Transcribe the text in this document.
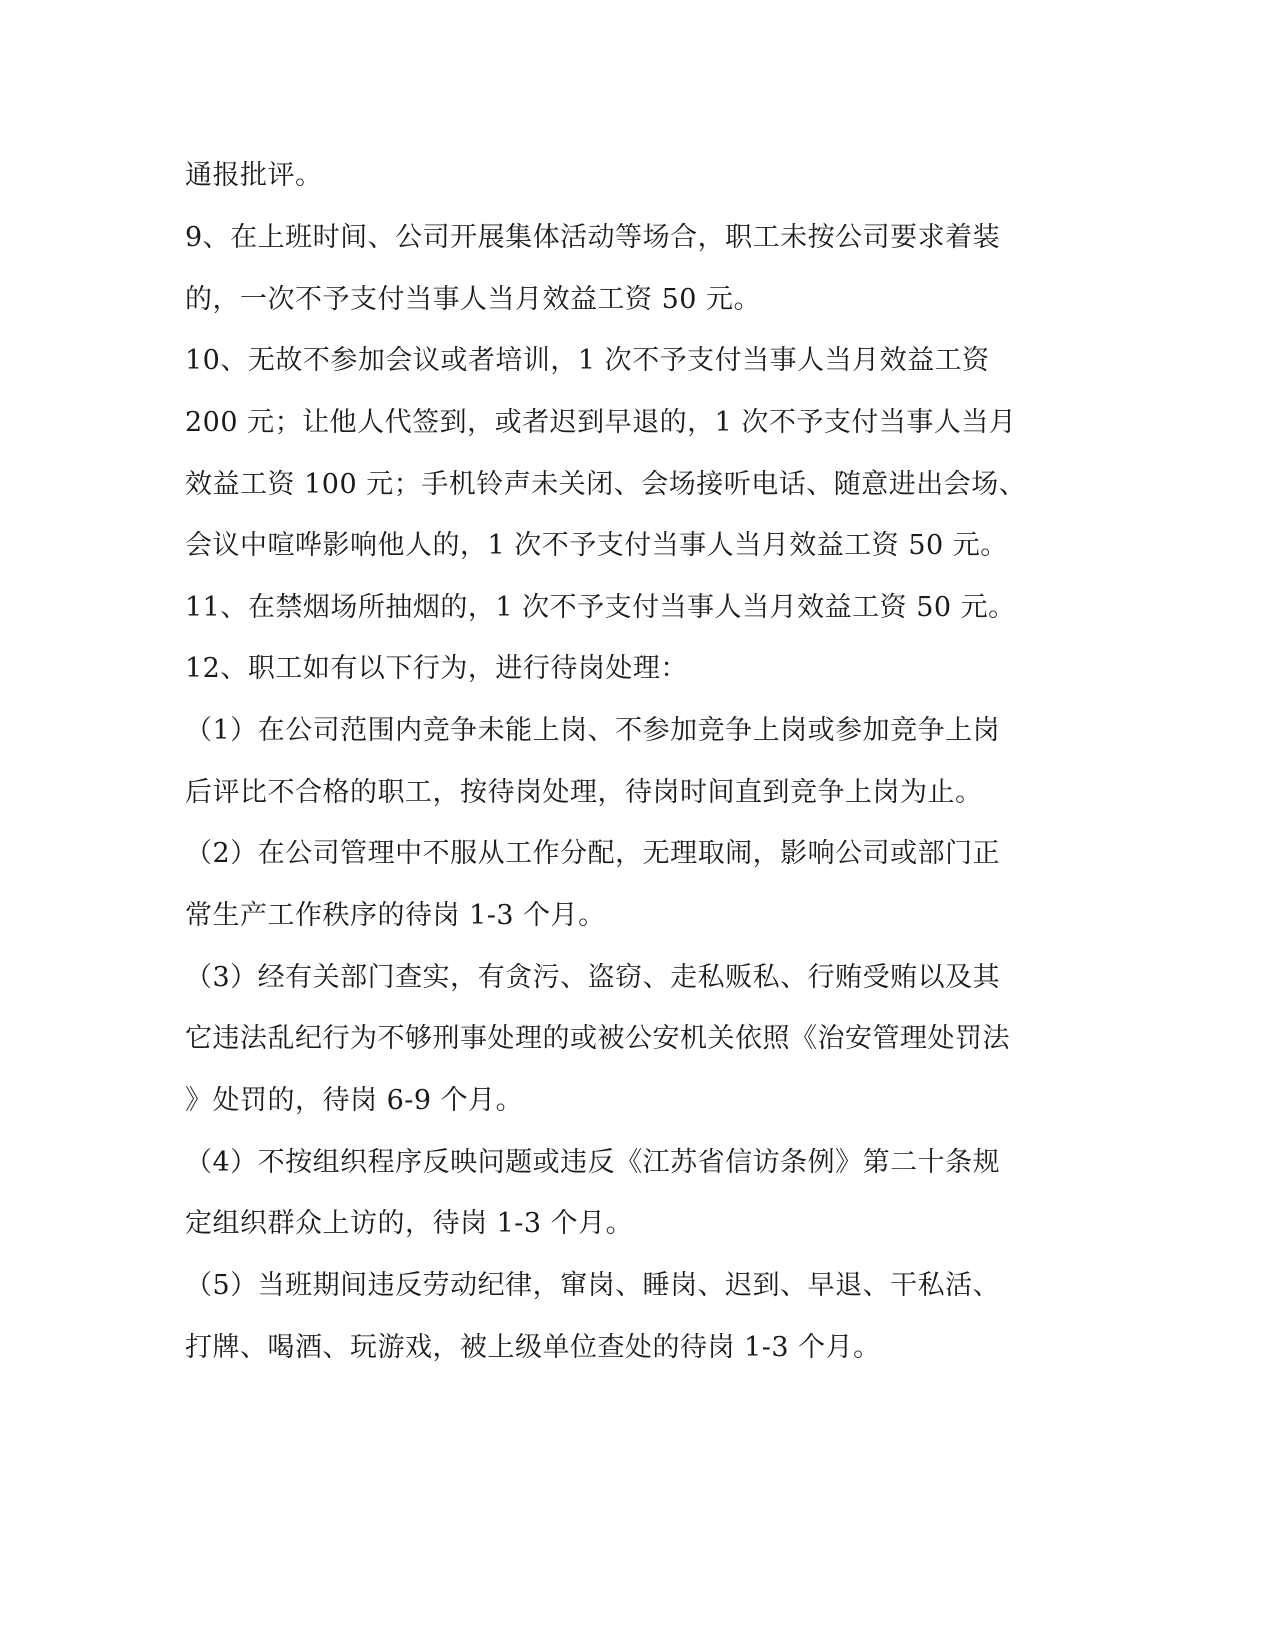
通报批评。

9、在上班时间、公司开展集体活动等场合，职工未按公司要求着装

的，一次不予支付当事人当月效益工资 50 元。

10、无故不参加会议或者培训，1 次不予支付当事人当月效益工资

200 元；让他人代签到，或者迟到早退的，1 次不予支付当事人当月

效益工资 100 元；手机铃声未关闭、会场接听电话、随意进出会场、

会议中喧哗影响他人的，1 次不予支付当事人当月效益工资 50 元。

11、在禁烟场所抽烟的，1 次不予支付当事人当月效益工资 50 元。

12、职工如有以下行为，进行待岗处理：

（1）在公司范围内竞争未能上岗、不参加竞争上岗或参加竞争上岗

后评比不合格的职工，按待岗处理，待岗时间直到竞争上岗为止。

（2）在公司管理中不服从工作分配，无理取闹，影响公司或部门正

常生产工作秩序的待岗 1-3 个月。

（3）经有关部门查实，有贪污、盗窃、走私贩私、行贿受贿以及其

它违法乱纪行为不够刑事处理的或被公安机关依照《治安管理处罚法

》处罚的，待岗 6-9 个月。

（4）不按组织程序反映问题或违反《江苏省信访条例》第二十条规

定组织群众上访的，待岗 1-3 个月。

（5）当班期间违反劳动纪律，窜岗、睡岗、迟到、早退、干私活、

打牌、喝酒、玩游戏，被上级单位查处的待岗 1-3 个月。
